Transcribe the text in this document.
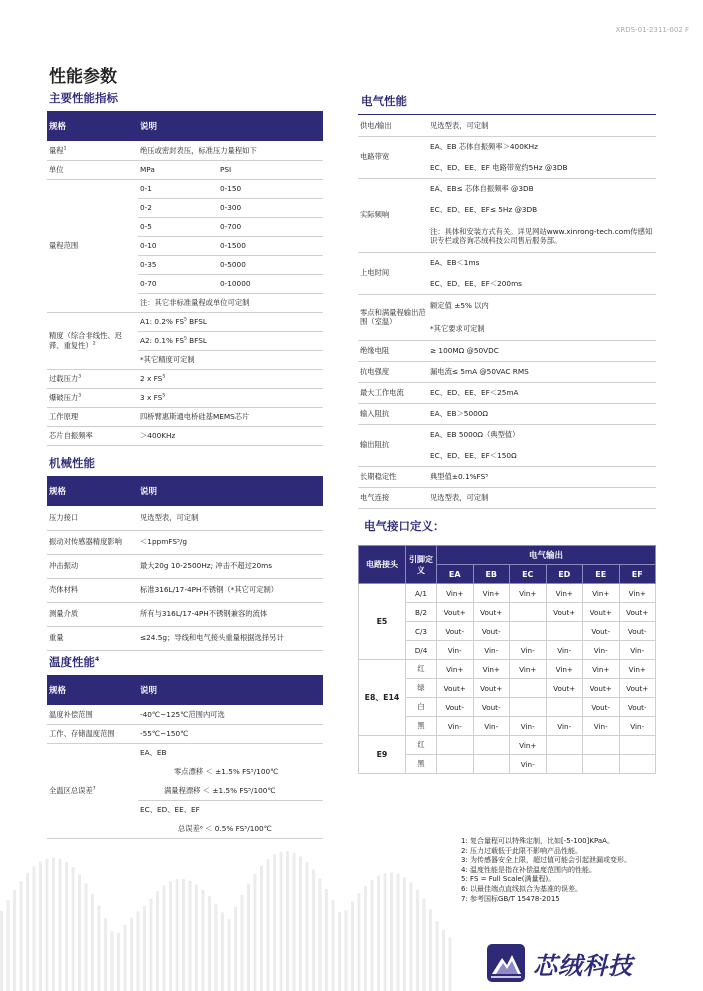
XRDS-01-2311-002 F
性能参数
主要性能指标
规格	说明	
量程$^1$	绝压或密封表压，标准压力量程如下	
单位	MPa	PSI
量程范围	0-1	0-150
	0-2	0-300
	0-5	0-700
	0-10	0-1500
	0-35	0-5000
	0-70	0-10000
	注：其它非标准量程或单位可定制	
精度（综合非线性、迟滞、重复性）$^2$	A1: 0.2% $FS^5$ BFSL	
	A2: 0.1% $FS^5$ BFSL	
	*其它精度可定制	
过载压力$^3$	2 x $FS^5$
爆破压力$^3$	3 x $FS^5$
工作原理	四桥臂惠斯通电桥硅基MEMS芯片	
芯片自振频率	＞400KHz	
机械性能
规格	说明
压力接口	见选型表，可定制
振动对传感器精度影响	＜1ppmFS⁵/g
冲击振动	最大20g 10-2500Hz; 冲击不超过20ms
壳体材料	标准316L/17-4PH不锈钢（*其它可定制）
测量介质	所有与316L/17-4PH不锈钢兼容的流体
重量	≤24.5g；导线和电气接头重量根据选择另计
温度性能$^4$
规格	说明
温度补偿范围	-40℃~125℃范围内可选
工作、存储温度范围	-55℃~150℃
全温区总误差$^7$	EA、EB
	零点漂移 ＜ ±1.5% FS⁵/100℃
	满量程漂移 ＜ ±1.5% FS⁵/100℃
	EC、ED、EE、EF
	总误差⁶ ＜ 0.5% FS⁵/100℃
电气性能
供电/输出	见选型表，可定制
电路带宽	EA、EB 芯体自振频率＞400KHz
	EC、ED、EE、EF 电路带宽约5Hz @3DB
实际频响	EA、EB≤ 芯体自振频率 @3DB
	EC、ED、EE、EF≤ 5Hz @3DB
	注：具体和安装方式有关。详见网站www.xinrong-tech.com传感知识专栏或咨询芯绒科技公司售后服务部。
上电时间	EA、EB＜1ms
	EC、ED、EE、EF＜200ms
零点和满量程输出范围（室温）	额定值 ±5% 以内
	*其它要求可定制
绝缘电阻	≥ 100MΩ @50VDC
抗电强度	漏电流≤ 5mA @50VAC RMS
最大工作电流	EC、ED、EE、EF＜25mA
输入阻抗	EA、EB＞5000Ω
输出阻抗	EA、EB 5000Ω（典型值）
	EC、ED、EE、EF＜150Ω
长期稳定性	典型值±0.1%FS⁵
电气连接	见选型表，可定制
电气接口定义：
电路接头	引脚定义	电气输出					
		EA	EB	EC	ED	EE	EF
E5	A/1	Vin+	Vin+	Vin+	Vin+	Vin+	Vin+
	B/2	Vout+	Vout+		Vout+	Vout+	Vout+
	C/3	Vout-	Vout-			Vout-	Vout-
	D/4	Vin-	Vin-	Vin-	Vin-	Vin-	Vin-
E8、E14	红	Vin+	Vin+	Vin+	Vin+	Vin+	Vin+
	绿	Vout+	Vout+		Vout+	Vout+	Vout+
	白	Vout-	Vout-			Vout-	Vout-
	黑	Vin-	Vin-	Vin-	Vin-	Vin-	Vin-
E9	红			Vin+			
	黑			Vin-			
1: 复合量程可以特殊定制，比如[-5-100]KPaA。
2: 压力过载低于此限不影响产品性能。
3: 为传感器安全上限，超过值可能会引起泄漏或变形。
4: 温度性能是指在补偿温度范围内的性能。
5: FS = Full Scale(满量程)。
6: 以最佳端点直线拟合为基准的误差。
7: 参考国标GB/T 15478-2015
芯绒科技
